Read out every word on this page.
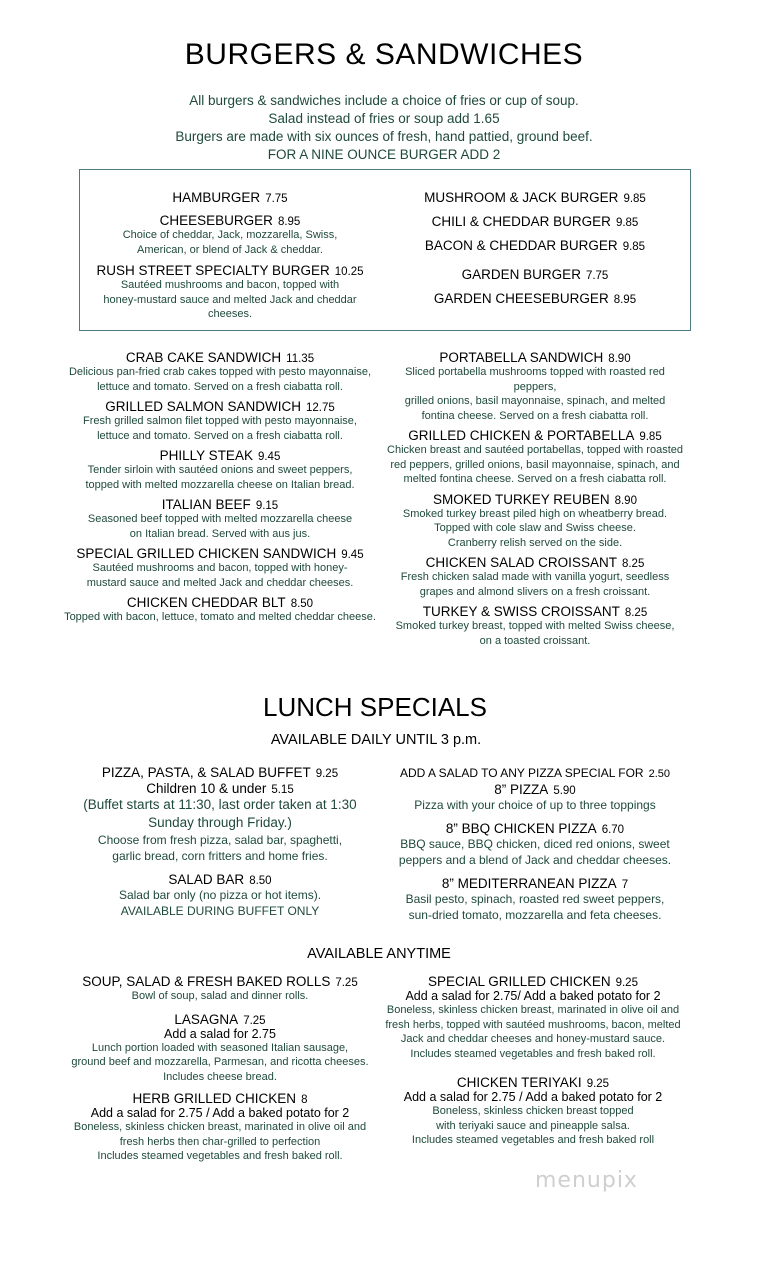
BURGERS & SANDWICHES
All burgers & sandwiches include a choice of fries or cup of soup.
Salad instead of fries or soup add 1.65
Burgers are made with six ounces of fresh, hand pattied, ground beef.
FOR A NINE OUNCE BURGER ADD 2
HAMBURGER 7.75
CHEESEBURGER 8.95
Choice of cheddar, Jack, mozzarella, Swiss,
American, or blend of Jack & cheddar.
RUSH STREET SPECIALTY BURGER 10.25
Sautéed mushrooms and bacon, topped with
honey-mustard sauce and melted Jack and cheddar cheeses.
MUSHROOM & JACK BURGER 9.85
CHILI & CHEDDAR BURGER 9.85
BACON & CHEDDAR BURGER 9.85
GARDEN BURGER 7.75
GARDEN CHEESEBURGER 8.95
CRAB CAKE SANDWICH 11.35
Delicious pan-fried crab cakes topped with pesto mayonnaise,
lettuce and tomato. Served on a fresh ciabatta roll.
GRILLED SALMON SANDWICH 12.75
Fresh grilled salmon filet topped with pesto mayonnaise,
lettuce and tomato. Served on a fresh ciabatta roll.
PHILLY STEAK 9.45
Tender sirloin with sautéed onions and sweet peppers,
topped with melted mozzarella cheese on Italian bread.
ITALIAN BEEF 9.15
Seasoned beef topped with melted mozzarella cheese
on Italian bread. Served with aus jus.
SPECIAL GRILLED CHICKEN SANDWICH 9.45
Sautéed mushrooms and bacon, topped with honey-
mustard sauce and melted Jack and cheddar cheeses.
CHICKEN CHEDDAR BLT 8.50
Topped with bacon, lettuce, tomato and melted cheddar cheese.
PORTABELLA SANDWICH 8.90
Sliced portabella mushrooms topped with roasted red peppers,
grilled onions, basil mayonnaise, spinach, and melted
fontina cheese. Served on a fresh ciabatta roll.
GRILLED CHICKEN & PORTABELLA 9.85
Chicken breast and sautéed portabellas, topped with roasted
red peppers, grilled onions, basil mayonnaise, spinach, and
melted fontina cheese. Served on a fresh ciabatta roll.
SMOKED TURKEY REUBEN 8.90
Smoked turkey breast piled high on wheatberry bread.
Topped with cole slaw and Swiss cheese.
Cranberry relish served on the side.
CHICKEN SALAD CROISSANT 8.25
Fresh chicken salad made with vanilla yogurt, seedless
grapes and almond slivers on a fresh croissant.
TURKEY & SWISS CROISSANT 8.25
Smoked turkey breast, topped with melted Swiss cheese,
on a toasted croissant.
LUNCH SPECIALS
AVAILABLE DAILY UNTIL 3 p.m.
PIZZA, PASTA, & SALAD BUFFET 9.25
Children 10 & under 5.15
(Buffet starts at 11:30, last order taken at 1:30
Sunday through Friday.)
Choose from fresh pizza, salad bar, spaghetti,
garlic bread, corn fritters and home fries.
SALAD BAR 8.50
Salad bar only (no pizza or hot items).
AVAILABLE DURING BUFFET ONLY
ADD A SALAD TO ANY PIZZA SPECIAL FOR 2.50
8” PIZZA 5.90
Pizza with your choice of up to three toppings
8” BBQ CHICKEN PIZZA 6.70
BBQ sauce, BBQ chicken, diced red onions, sweet
peppers and a blend of Jack and cheddar cheeses.
8” MEDITERRANEAN PIZZA 7
Basil pesto, spinach, roasted red sweet peppers,
sun-dried tomato, mozzarella and feta cheeses.
AVAILABLE ANYTIME
SOUP, SALAD & FRESH BAKED ROLLS 7.25
Bowl of soup, salad and dinner rolls.
LASAGNA 7.25
Add a salad for 2.75
Lunch portion loaded with seasoned Italian sausage,
ground beef and mozzarella, Parmesan, and ricotta cheeses.
Includes cheese bread.
HERB GRILLED CHICKEN 8
Add a salad for 2.75 / Add a baked potato for 2
Boneless, skinless chicken breast, marinated in olive oil and
fresh herbs then char-grilled to perfection
Includes steamed vegetables and fresh baked roll.
SPECIAL GRILLED CHICKEN 9.25
Add a salad for 2.75/ Add a baked potato for 2
Boneless, skinless chicken breast, marinated in olive oil and
fresh herbs, topped with sautéed mushrooms, bacon, melted
Jack and cheddar cheeses and honey-mustard sauce.
Includes steamed vegetables and fresh baked roll.
CHICKEN TERIYAKI 9.25
Add a salad for 2.75 / Add a baked potato for 2
Boneless, skinless chicken breast topped
with teriyaki sauce and pineapple salsa.
Includes steamed vegetables and fresh baked roll
menupix
